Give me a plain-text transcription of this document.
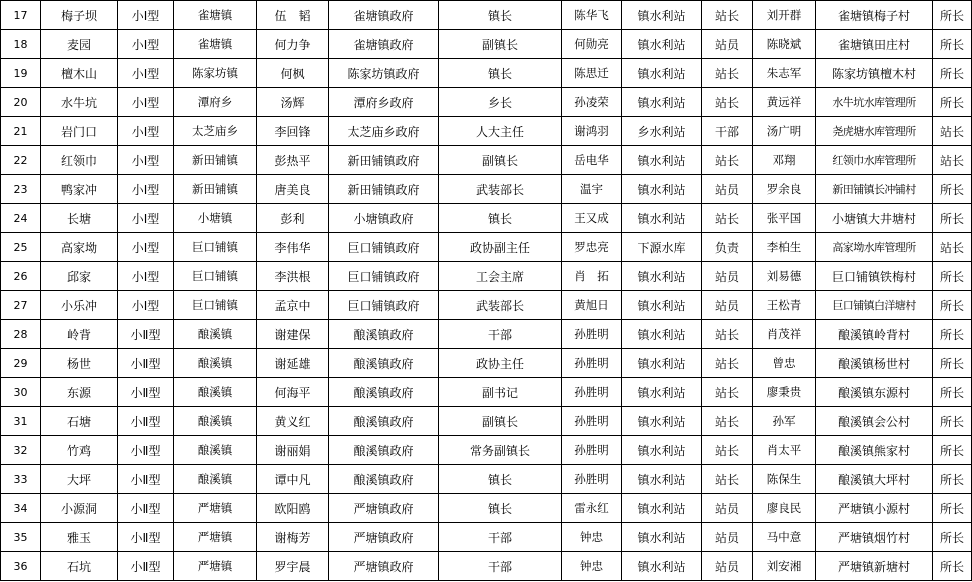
17	梅子坝	小Ⅰ型	雀塘镇	伍　韬	雀塘镇政府	镇长	陈华飞	镇水利站	站长	刘开群	雀塘镇梅子村	所长
18	麦园	小Ⅰ型	雀塘镇	何力争	雀塘镇政府	副镇长	何勋亮	镇水利站	站员	陈晓斌	雀塘镇田庄村	所长
19	檀木山	小Ⅰ型	陈家坊镇	何枫	陈家坊镇政府	镇长	陈思迁	镇水利站	站长	朱志军	陈家坊镇檀木村	所长
20	水牛坑	小Ⅰ型	潭府乡	汤辉	潭府乡政府	乡长	孙凌荣	镇水利站	站长	黄远祥	水牛坑水库管理所	所长
21	岩门口	小Ⅰ型	太芝庙乡	李回锋	太芝庙乡政府	人大主任	谢鸿羽	乡水利站	干部	汤广明	尧虎塘水库管理所	站长
22	红领巾	小Ⅰ型	新田铺镇	彭热平	新田铺镇政府	副镇长	岳电华	镇水利站	站长	邓翔	红领巾水库管理所	站长
23	鸭家冲	小Ⅰ型	新田铺镇	唐美良	新田铺镇政府	武装部长	温宇	镇水利站	站员	罗余良	新田铺镇长冲铺村	所长
24	长塘	小Ⅰ型	小塘镇	彭利	小塘镇政府	镇长	王又成	镇水利站	站长	张平国	小塘镇大井塘村	所长
25	高家坳	小Ⅰ型	巨口铺镇	李伟华	巨口铺镇政府	政协副主任	罗忠亮	下源水库	负责	李柏生	高家坳水库管理所	站长
26	邱家	小Ⅰ型	巨口铺镇	李洪根	巨口铺镇政府	工会主席	肖　拓	镇水利站	站员	刘易德	巨口铺镇铁梅村	所长
27	小乐冲	小Ⅰ型	巨口铺镇	孟京中	巨口铺镇政府	武装部长	黄旭日	镇水利站	站员	王松青	巨口铺镇白洋塘村	所长
28	岭背	小Ⅱ型	酿溪镇	谢建保	酿溪镇政府	干部	孙胜明	镇水利站	站长	肖茂祥	酿溪镇岭背村	所长
29	杨世	小Ⅱ型	酿溪镇	谢延雄	酿溪镇政府	政协主任	孙胜明	镇水利站	站长	曾忠	酿溪镇杨世村	所长
30	东源	小Ⅱ型	酿溪镇	何海平	酿溪镇政府	副书记	孙胜明	镇水利站	站长	廖秉贵	酿溪镇东源村	所长
31	石塘	小Ⅱ型	酿溪镇	黄义红	酿溪镇政府	副镇长	孙胜明	镇水利站	站长	孙军	酿溪镇会公村	所长
32	竹鸡	小Ⅱ型	酿溪镇	谢丽娟	酿溪镇政府	常务副镇长	孙胜明	镇水利站	站长	肖太平	酿溪镇熊家村	所长
33	大坪	小Ⅱ型	酿溪镇	谭中凡	酿溪镇政府	镇长	孙胜明	镇水利站	站长	陈保生	酿溪镇大坪村	所长
34	小源洞	小Ⅱ型	严塘镇	欧阳鸥	严塘镇政府	镇长	雷永红	镇水利站	站员	廖良民	严塘镇小源村	所长
35	雅玉	小Ⅱ型	严塘镇	谢梅芳	严塘镇政府	干部	钟忠	镇水利站	站员	马中意	严塘镇烟竹村	所长
36	石坑	小Ⅱ型	严塘镇	罗宇晨	严塘镇政府	干部	钟忠	镇水利站	站员	刘安湘	严塘镇新塘村	所长
